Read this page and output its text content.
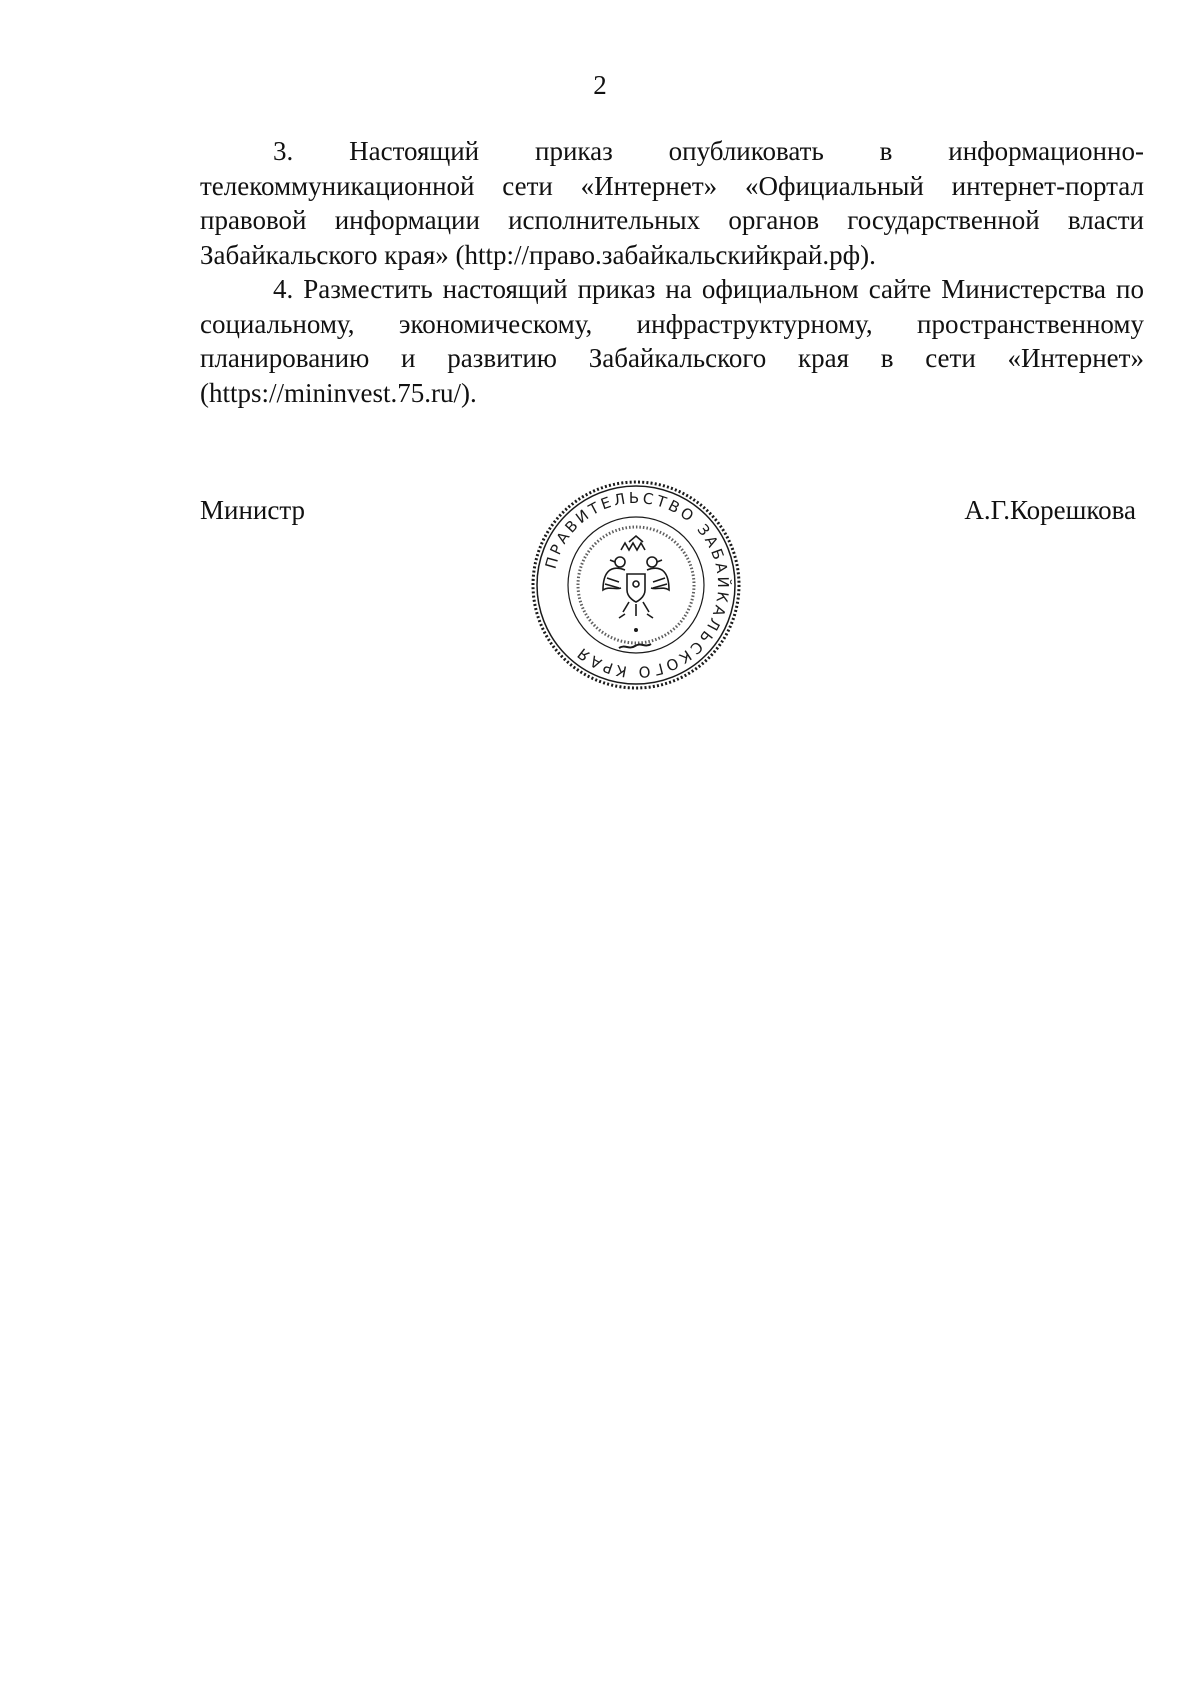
2

3. Настоящий приказ опубликовать в информационно-

телекоммуникационной сети «Интернет» «Официальный интернет-портал правовой информации исполнительных органов государственной власти Забайкальского края» (http://право.забайкальскийкрай.рф).

4. Разместить настоящий приказ на официальном сайте Министерства по социальному, экономическому, инфраструктурному, пространственному

планированию и развитию Забайкальского края в сети «Интернет»

(https://mininvest.75.ru/).

Министр	А.Г.Корешкова
ПРАВИТЕЛЬСТВО ЗАБАЙКАЛЬСКОГО КРАЯ
